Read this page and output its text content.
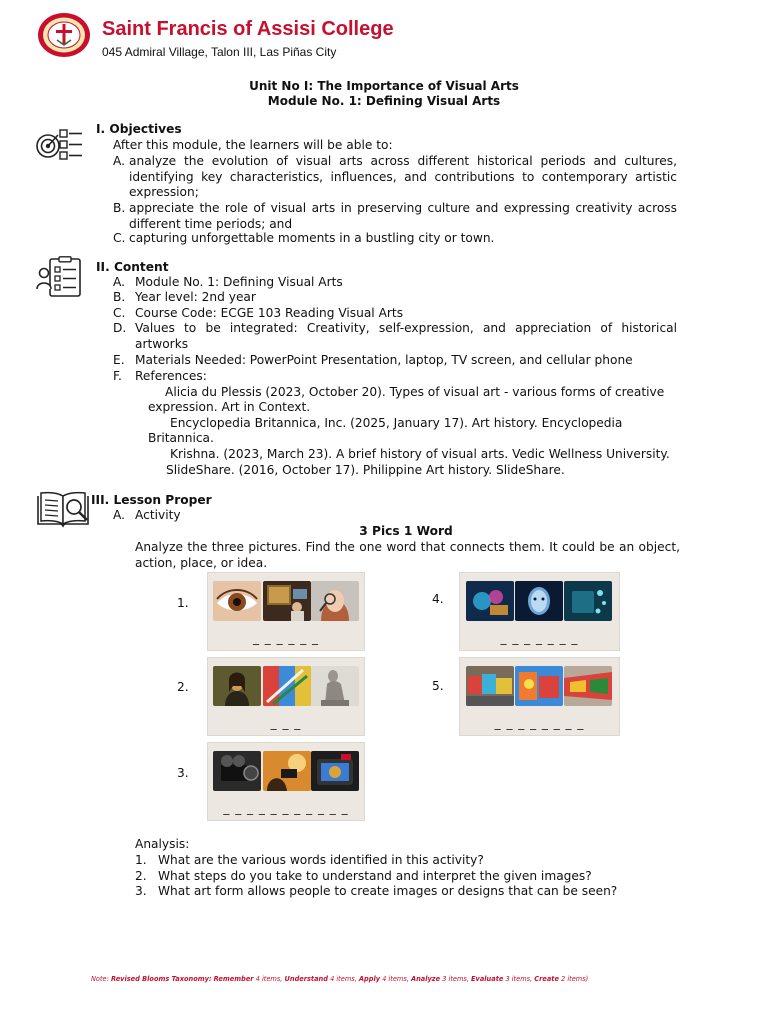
Saint Francis of Assisi College
045 Admiral Village, Talon III, Las Piñas City
Unit No I: The Importance of Visual Arts
Module No. 1: Defining Visual Arts
I. Objectives
After this module, the learners will be able to:
A. analyze the evolution of visual arts across different historical periods and cultures, identifying key characteristics, influences, and contributions to contemporary artistic expression;
B. appreciate the role of visual arts in preserving culture and expressing creativity across different time periods; and
C. capturing unforgettable moments in a bustling city or town.
II. Content
A. Module No. 1: Defining Visual Arts
B. Year level: 2nd year
C. Course Code: ECGE 103 Reading Visual Arts
D. Values to be integrated: Creativity, self-expression, and appreciation of historical artworks
E. Materials Needed: PowerPoint Presentation, laptop, TV screen, and cellular phone
F. References:
Alicia du Plessis (2023, October 20). Types of visual art - various forms of creative
expression. Art in Context.
Encyclopedia Britannica, Inc. (2025, January 17). Art history. Encyclopedia
Britannica.
Krishna. (2023, March 23). A brief history of visual arts. Vedic Wellness University.
SlideShare. (2016, October 17). Philippine Art history. SlideShare.
III. Lesson Proper
A. Activity
3 Pics 1 Word
Analyze the three pictures. Find the one word that connects them. It could be an object, action, place, or idea.
1.
_ _ _ _ _ _
2.
_ _ _
3.
_ _ _ _ _ _ _ _ _ _ _
4.
_ _ _ _ _ _ _
5.
_ _ _ _ _ _ _ _
Analysis:
1. What are the various words identified in this activity?
2. What steps do you take to understand and interpret the given images?
3. What art form allows people to create images or designs that can be seen?
Note: Revised Blooms Taxonomy: Remember 4 items, Understand 4 items, Apply 4 items, Analyze 3 items, Evaluate 3 items, Create 2 items)
